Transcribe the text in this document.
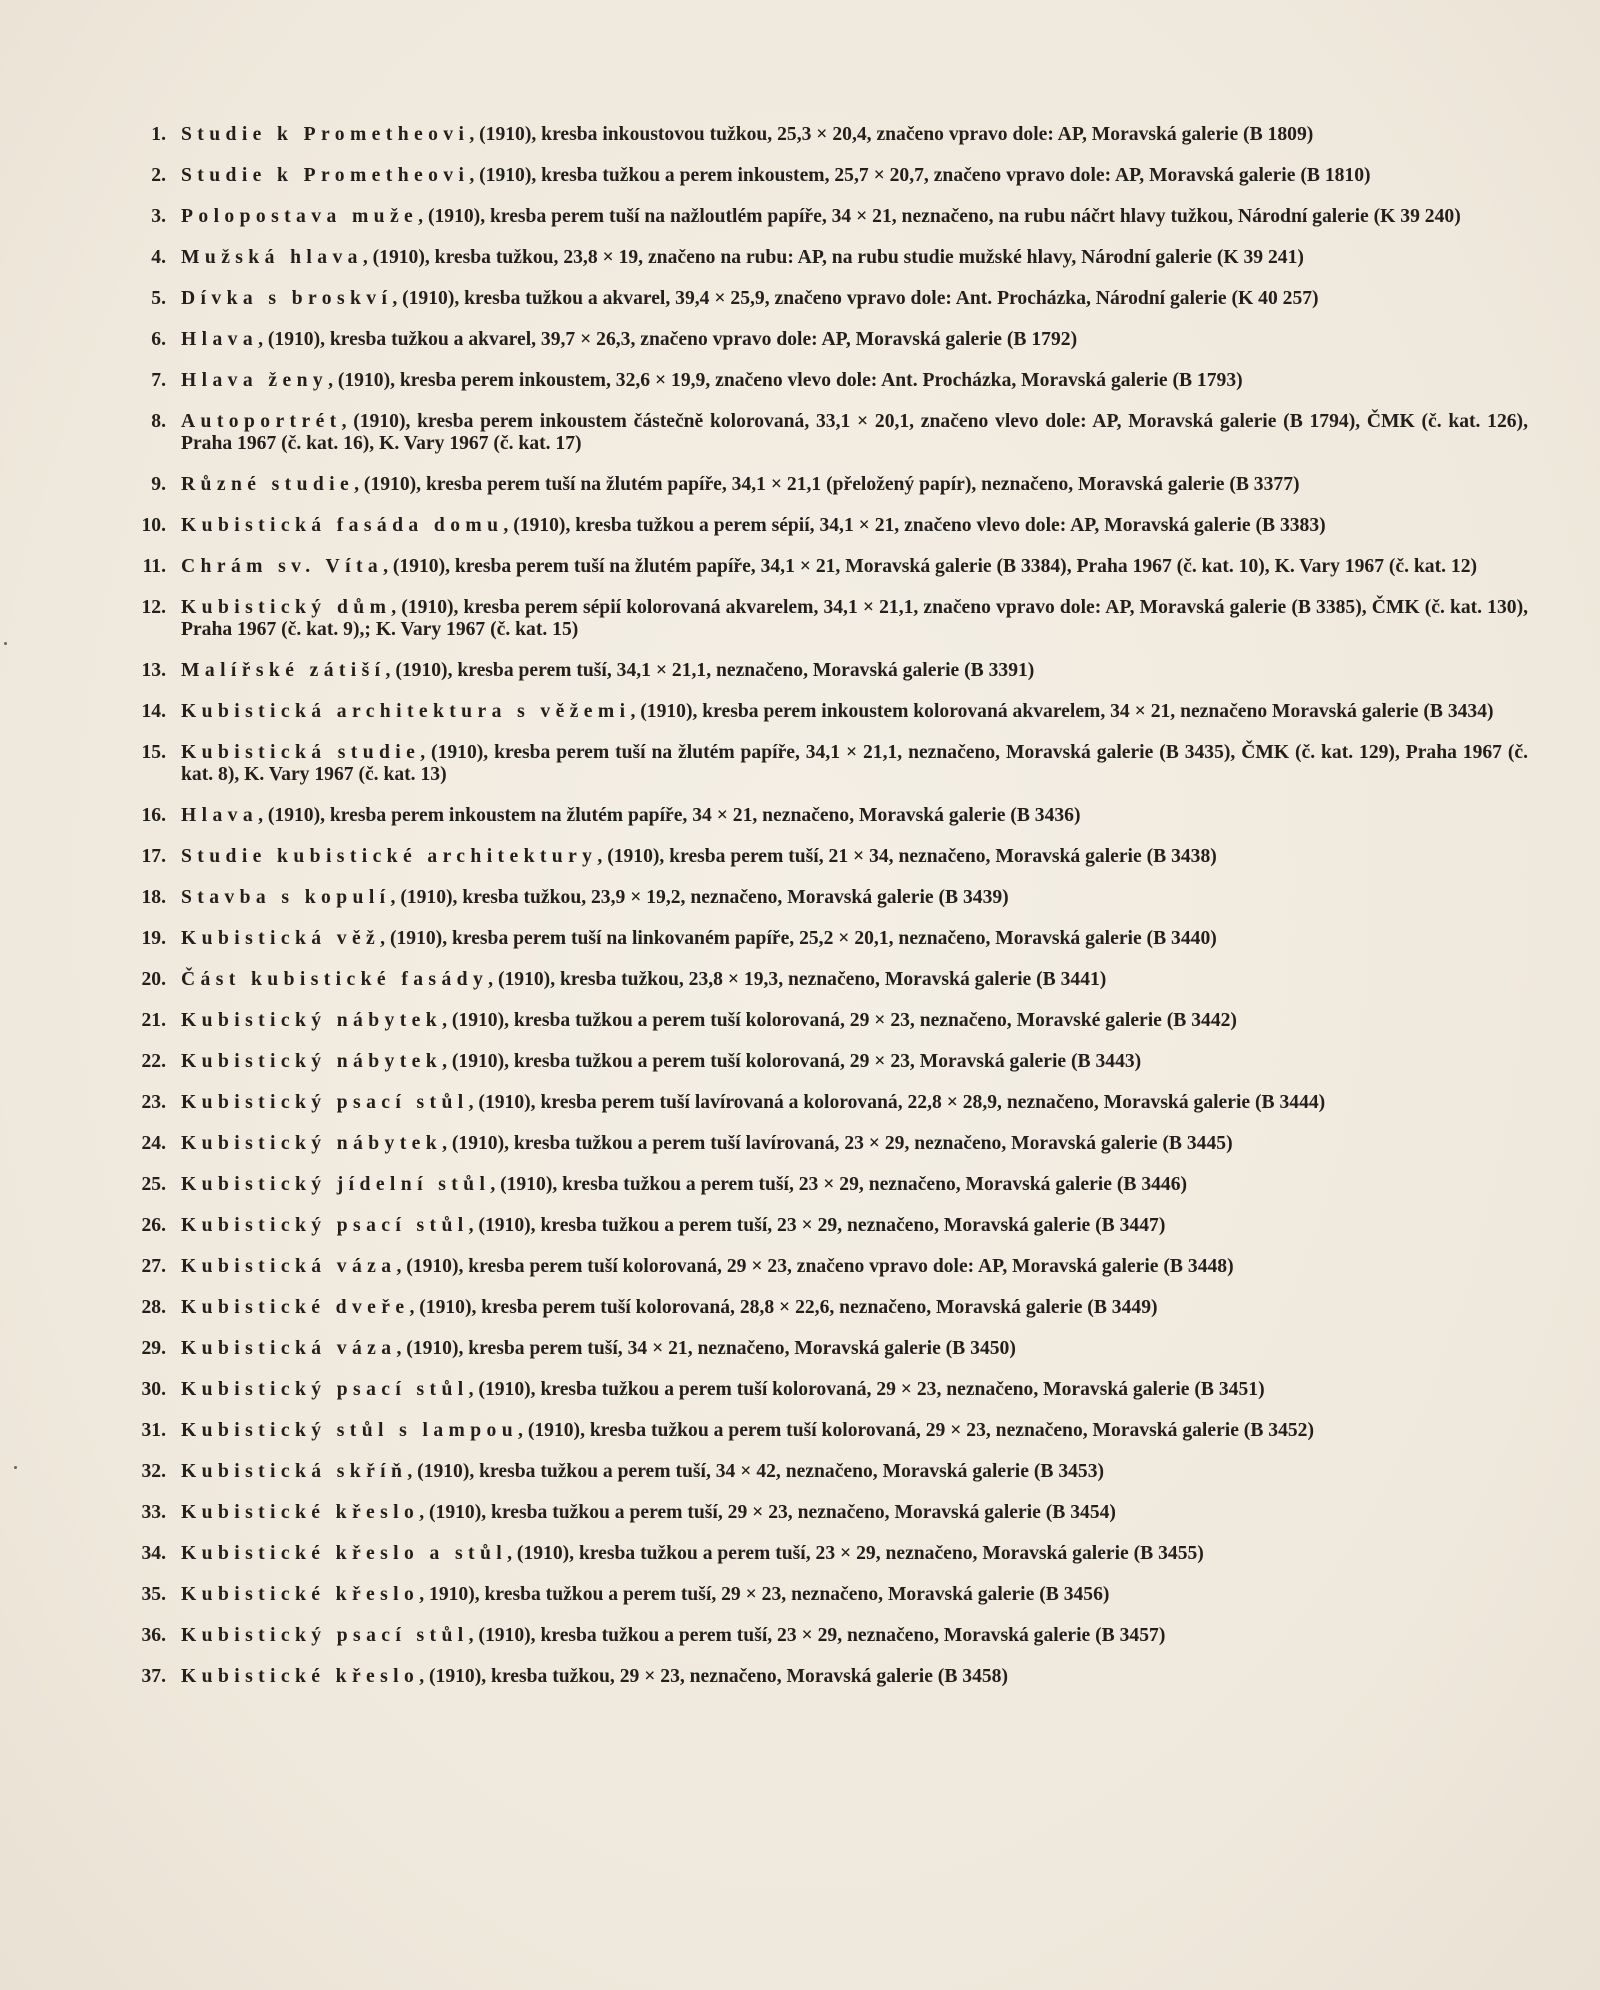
1. Studie k Prometheovi, (1910), kresba inkoustovou tužkou, 25,3 × 20,4, značeno vpravo dole: AP, Moravská galerie (B 1809)
2. Studie k Prometheovi, (1910), kresba tužkou a perem inkoustem, 25,7 × 20,7, značeno vpravo dole: AP, Moravská galerie (B 1810)
3. Polopostava muže, (1910), kresba perem tuší na nažloutlém papíře, 34 × 21, neznačeno, na rubu náčrt hlavy tužkou, Národní galerie (K 39 240)
4. Mužská hlava, (1910), kresba tužkou, 23,8 × 19, značeno na rubu: AP, na rubu studie mužské hlavy, Národní galerie (K 39 241)
5. Dívka s broskví, (1910), kresba tužkou a akvarel, 39,4 × 25,9, značeno vpravo dole: Ant. Procházka, Národní galerie (K 40 257)
6. Hlava, (1910), kresba tužkou a akvarel, 39,7 × 26,3, značeno vpravo dole: AP, Moravská galerie (B 1792)
7. Hlava ženy, (1910), kresba perem inkoustem, 32,6 × 19,9, značeno vlevo dole: Ant. Procházka, Moravská galerie (B 1793)
8. Autoportrét, (1910), kresba perem inkoustem částečně kolorovaná, 33,1 × 20,1, značeno vlevo dole: AP, Moravská galerie (B 1794), ČMK (č. kat. 126), Praha 1967 (č. kat. 16), K. Vary 1967 (č. kat. 17)
9. Různé studie, (1910), kresba perem tuší na žlutém papíře, 34,1 × 21,1 (přeložený papír), neznačeno, Moravská galerie (B 3377)
10. Kubistická fasáda domu, (1910), kresba tužkou a perem sépií, 34,1 × 21, značeno vlevo dole: AP, Moravská galerie (B 3383)
11. Chrám sv. Víta, (1910), kresba perem tuší na žlutém papíře, 34,1 × 21, Moravská galerie (B 3384), Praha 1967 (č. kat. 10), K. Vary 1967 (č. kat. 12)
12. Kubistický dům, (1910), kresba perem sépií kolorovaná akvarelem, 34,1 × 21,1, značeno vpravo dole: AP, Moravská galerie (B 3385), ČMK (č. kat. 130), Praha 1967 (č. kat. 9),; K. Vary 1967 (č. kat. 15)
13. Malířské zátiší, (1910), kresba perem tuší, 34,1 × 21,1, neznačeno, Moravská galerie (B 3391)
14. Kubistická architektura s věžemi, (1910), kresba perem inkoustem kolorovaná akvarelem, 34 × 21, neznačeno Moravská galerie (B 3434)
15. Kubistická studie, (1910), kresba perem tuší na žlutém papíře, 34,1 × 21,1, neznačeno, Moravská galerie (B 3435), ČMK (č. kat. 129), Praha 1967 (č. kat. 8), K. Vary 1967 (č. kat. 13)
16. Hlava, (1910), kresba perem inkoustem na žlutém papíře, 34 × 21, neznačeno, Moravská galerie (B 3436)
17. Studie kubistické architektury, (1910), kresba perem tuší, 21 × 34, neznačeno, Moravská galerie (B 3438)
18. Stavba s kopulí, (1910), kresba tužkou, 23,9 × 19,2, neznačeno, Moravská galerie (B 3439)
19. Kubistická věž, (1910), kresba perem tuší na linkovaném papíře, 25,2 × 20,1, neznačeno, Moravská galerie (B 3440)
20. Část kubistické fasády, (1910), kresba tužkou, 23,8 × 19,3, neznačeno, Moravská galerie (B 3441)
21. Kubistický nábytek, (1910), kresba tužkou a perem tuší kolorovaná, 29 × 23, neznačeno, Moravské galerie (B 3442)
22. Kubistický nábytek, (1910), kresba tužkou a perem tuší kolorovaná, 29 × 23, Moravská galerie (B 3443)
23. Kubistický psací stůl, (1910), kresba perem tuší lavírovaná a kolorovaná, 22,8 × 28,9, neznačeno, Moravská galerie (B 3444)
24. Kubistický nábytek, (1910), kresba tužkou a perem tuší lavírovaná, 23 × 29, neznačeno, Moravská galerie (B 3445)
25. Kubistický jídelní stůl, (1910), kresba tužkou a perem tuší, 23 × 29, neznačeno, Moravská galerie (B 3446)
26. Kubistický psací stůl, (1910), kresba tužkou a perem tuší, 23 × 29, neznačeno, Moravská galerie (B 3447)
27. Kubistická váza, (1910), kresba perem tuší kolorovaná, 29 × 23, značeno vpravo dole: AP, Moravská galerie (B 3448)
28. Kubistické dveře, (1910), kresba perem tuší kolorovaná, 28,8 × 22,6, neznačeno, Moravská galerie (B 3449)
29. Kubistická váza, (1910), kresba perem tuší, 34 × 21, neznačeno, Moravská galerie (B 3450)
30. Kubistický psací stůl, (1910), kresba tužkou a perem tuší kolorovaná, 29 × 23, neznačeno, Moravská galerie (B 3451)
31. Kubistický stůl s lampou, (1910), kresba tužkou a perem tuší kolorovaná, 29 × 23, neznačeno, Moravská galerie (B 3452)
32. Kubistická skříň, (1910), kresba tužkou a perem tuší, 34 × 42, neznačeno, Moravská galerie (B 3453)
33. Kubistické křeslo, (1910), kresba tužkou a perem tuší, 29 × 23, neznačeno, Moravská galerie (B 3454)
34. Kubistické křeslo a stůl, (1910), kresba tužkou a perem tuší, 23 × 29, neznačeno, Moravská galerie (B 3455)
35. Kubistické křeslo, 1910), kresba tužkou a perem tuší, 29 × 23, neznačeno, Moravská galerie (B 3456)
36. Kubistický psací stůl, (1910), kresba tužkou a perem tuší, 23 × 29, neznačeno, Moravská galerie (B 3457)
37. Kubistické křeslo, (1910), kresba tužkou, 29 × 23, neznačeno, Moravská galerie (B 3458)
